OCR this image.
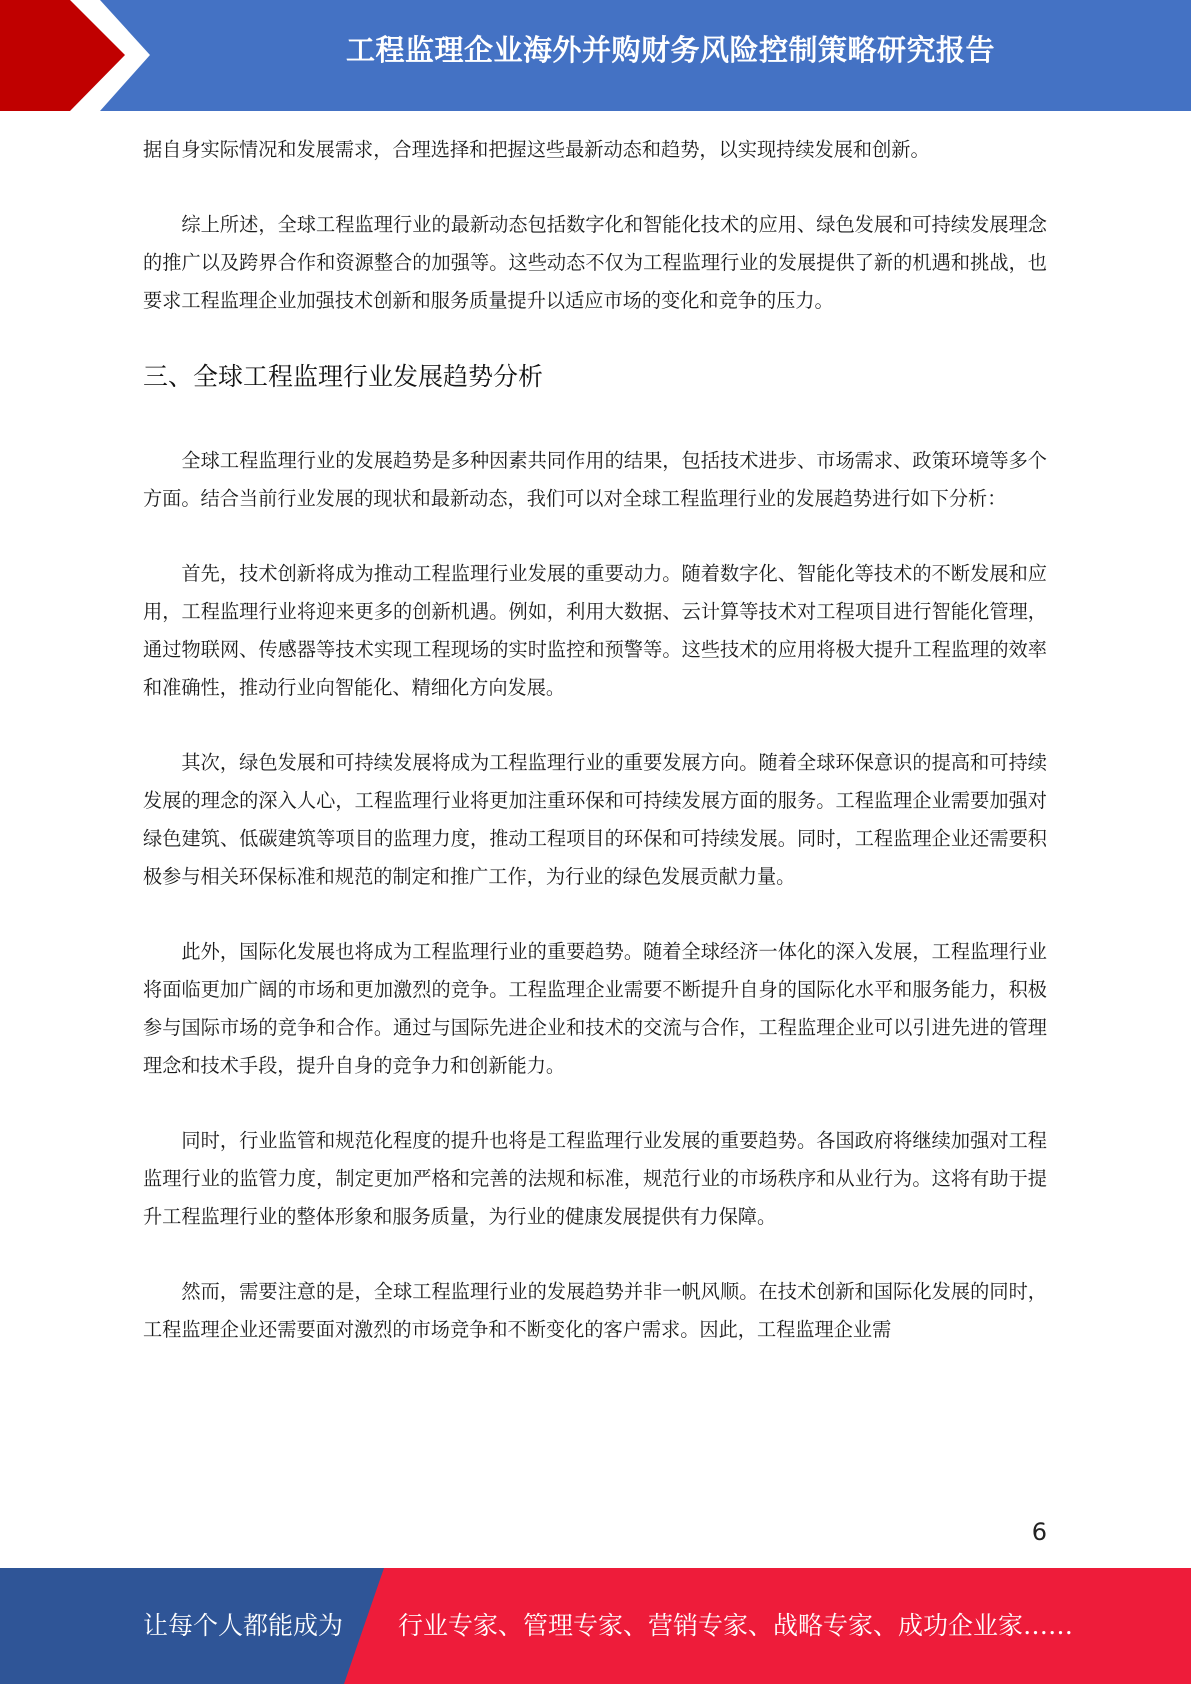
工程监理企业海外并购财务风险控制策略研究报告

据自身实际情况和发展需求，合理选择和把握这些最新动态和趋势，以实现持续发展和创新。

综上所述，全球工程监理行业的最新动态包括数字化和智能化技术的应用、绿色发展和可持续发展理念的推广以及跨界合作和资源整合的加强等。这些动态不仅为工程监理行业的发展提供了新的机遇和挑战，也要求工程监理企业加强技术创新和服务质量提升以适应市场的变化和竞争的压力。

三、全球工程监理行业发展趋势分析

全球工程监理行业的发展趋势是多种因素共同作用的结果，包括技术进步、市场需求、政策环境等多个方面。结合当前行业发展的现状和最新动态，我们可以对全球工程监理行业的发展趋势进行如下分析：

首先，技术创新将成为推动工程监理行业发展的重要动力。随着数字化、智能化等技术的不断发展和应用，工程监理行业将迎来更多的创新机遇。例如，利用大数据、云计算等技术对工程项目进行智能化管理，通过物联网、传感器等技术实现工程现场的实时监控和预警等。这些技术的应用将极大提升工程监理的效率和准确性，推动行业向智能化、精细化方向发展。

其次，绿色发展和可持续发展将成为工程监理行业的重要发展方向。随着全球环保意识的提高和可持续发展的理念的深入人心，工程监理行业将更加注重环保和可持续发展方面的服务。工程监理企业需要加强对绿色建筑、低碳建筑等项目的监理力度，推动工程项目的环保和可持续发展。同时，工程监理企业还需要积极参与相关环保标准和规范的制定和推广工作，为行业的绿色发展贡献力量。

此外，国际化发展也将成为工程监理行业的重要趋势。随着全球经济一体化的深入发展，工程监理行业将面临更加广阔的市场和更加激烈的竞争。工程监理企业需要不断提升自身的国际化水平和服务能力，积极参与国际市场的竞争和合作。通过与国际先进企业和技术的交流与合作，工程监理企业可以引进先进的管理理念和技术手段，提升自身的竞争力和创新能力。

同时，行业监管和规范化程度的提升也将是工程监理行业发展的重要趋势。各国政府将继续加强对工程监理行业的监管力度，制定更加严格和完善的法规和标准，规范行业的市场秩序和从业行为。这将有助于提升工程监理行业的整体形象和服务质量，为行业的健康发展提供有力保障。

然而，需要注意的是，全球工程监理行业的发展趋势并非一帆风顺。在技术创新和国际化发展的同时，工程监理企业还需要面对激烈的市场竞争和不断变化的客户需求。因此，工程监理企业需

6
让每个人都能成为 行业专家、管理专家、营销专家、战略专家、成功企业家……
